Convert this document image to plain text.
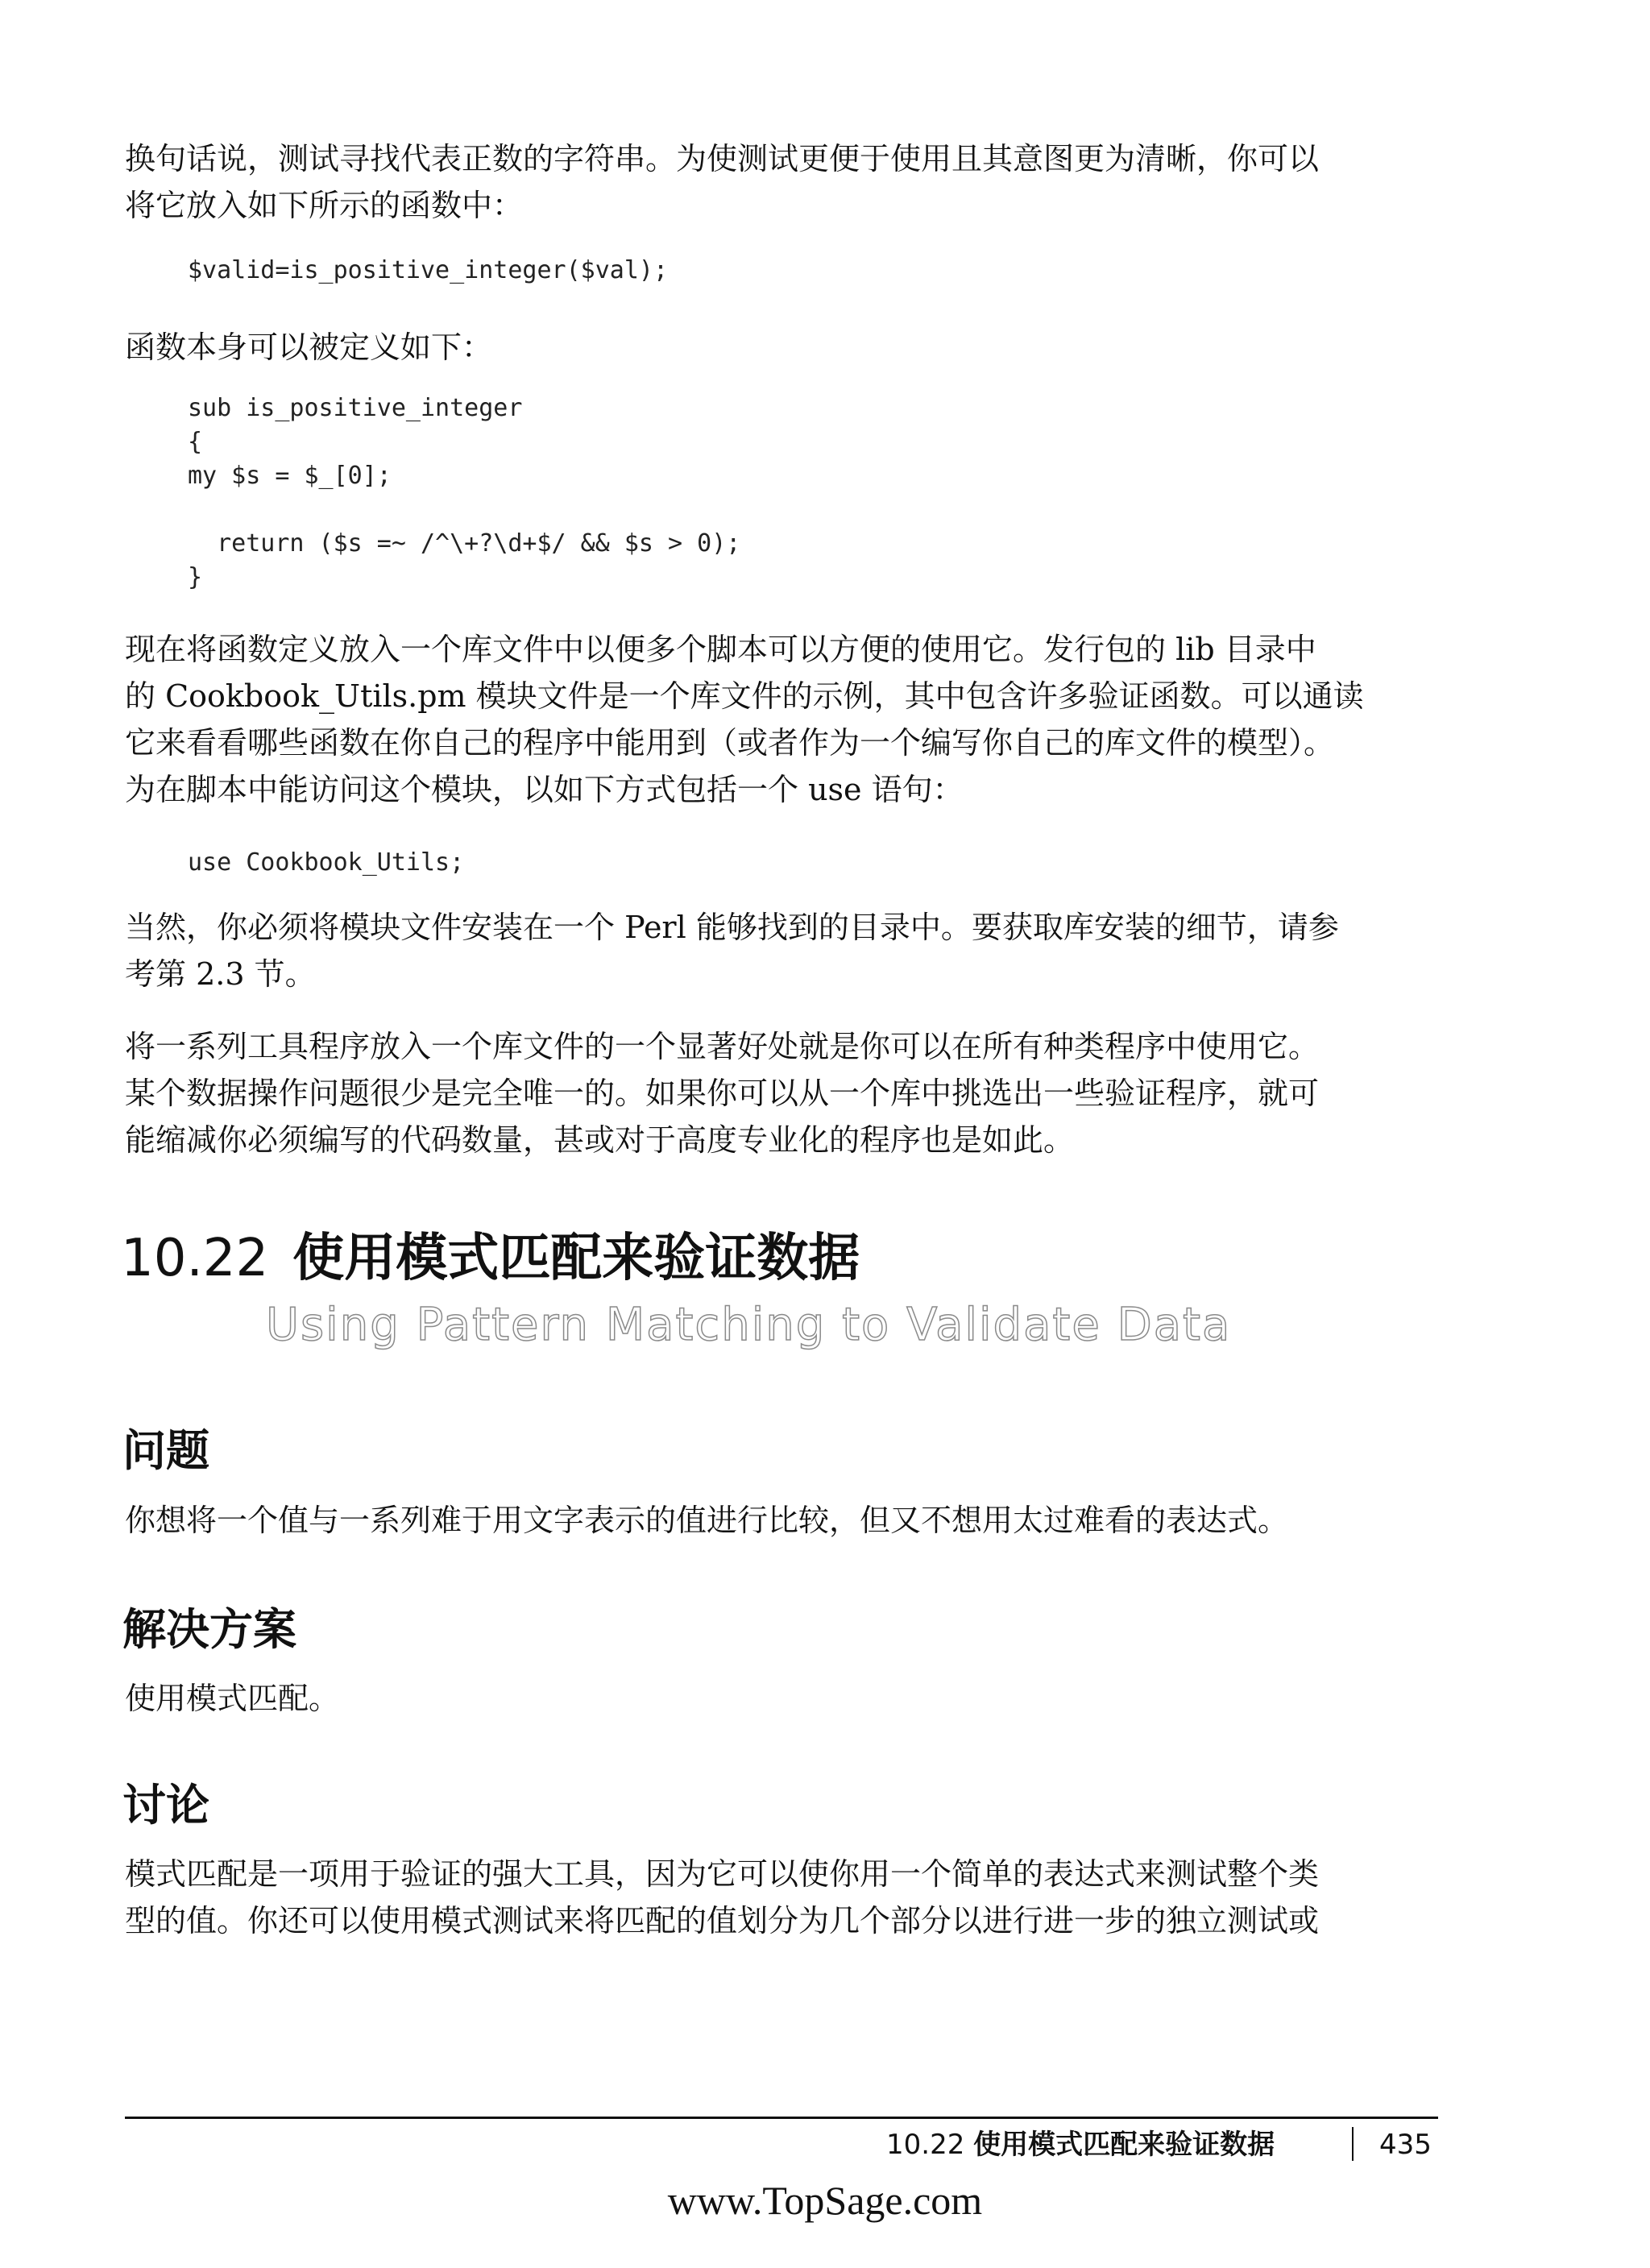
换句话说，测试寻找代表正数的字符串。为使测试更便于使用且其意图更为清晰，你可以
将它放入如下所示的函数中：

$valid=is_positive_integer($val);

函数本身可以被定义如下：

sub is_positive_integer
{
my $s = $_[0];

return ($s =~ /^\+?\d+$/ && $s > 0);
}

现在将函数定义放入一个库文件中以便多个脚本可以方便的使用它。发行包的 lib 目录中
的 Cookbook_Utils.pm 模块文件是一个库文件的示例，其中包含许多验证函数。可以通读
它来看看哪些函数在你自己的程序中能用到（或者作为一个编写你自己的库文件的模型）。
为在脚本中能访问这个模块，以如下方式包括一个 use 语句：

use Cookbook_Utils;

当然，你必须将模块文件安装在一个 Perl 能够找到的目录中。要获取库安装的细节，请参
考第 2.3 节。

将一系列工具程序放入一个库文件的一个显著好处就是你可以在所有种类程序中使用它。
某个数据操作问题很少是完全唯一的。如果你可以从一个库中挑选出一些验证程序，就可
能缩减你必须编写的代码数量，甚或对于高度专业化的程序也是如此。

10.22 使用模式匹配来验证数据
Using Pattern Matching to Validate Data
问题

你想将一个值与一系列难于用文字表示的值进行比较，但又不想用太过难看的表达式。

解决方案

使用模式匹配。

讨论

模式匹配是一项用于验证的强大工具，因为它可以使你用一个简单的表达式来测试整个类
型的值。你还可以使用模式测试来将匹配的值划分为几个部分以进行进一步的独立测试或

10.22 使用模式匹配来验证数据	435
www.TopSage.com
